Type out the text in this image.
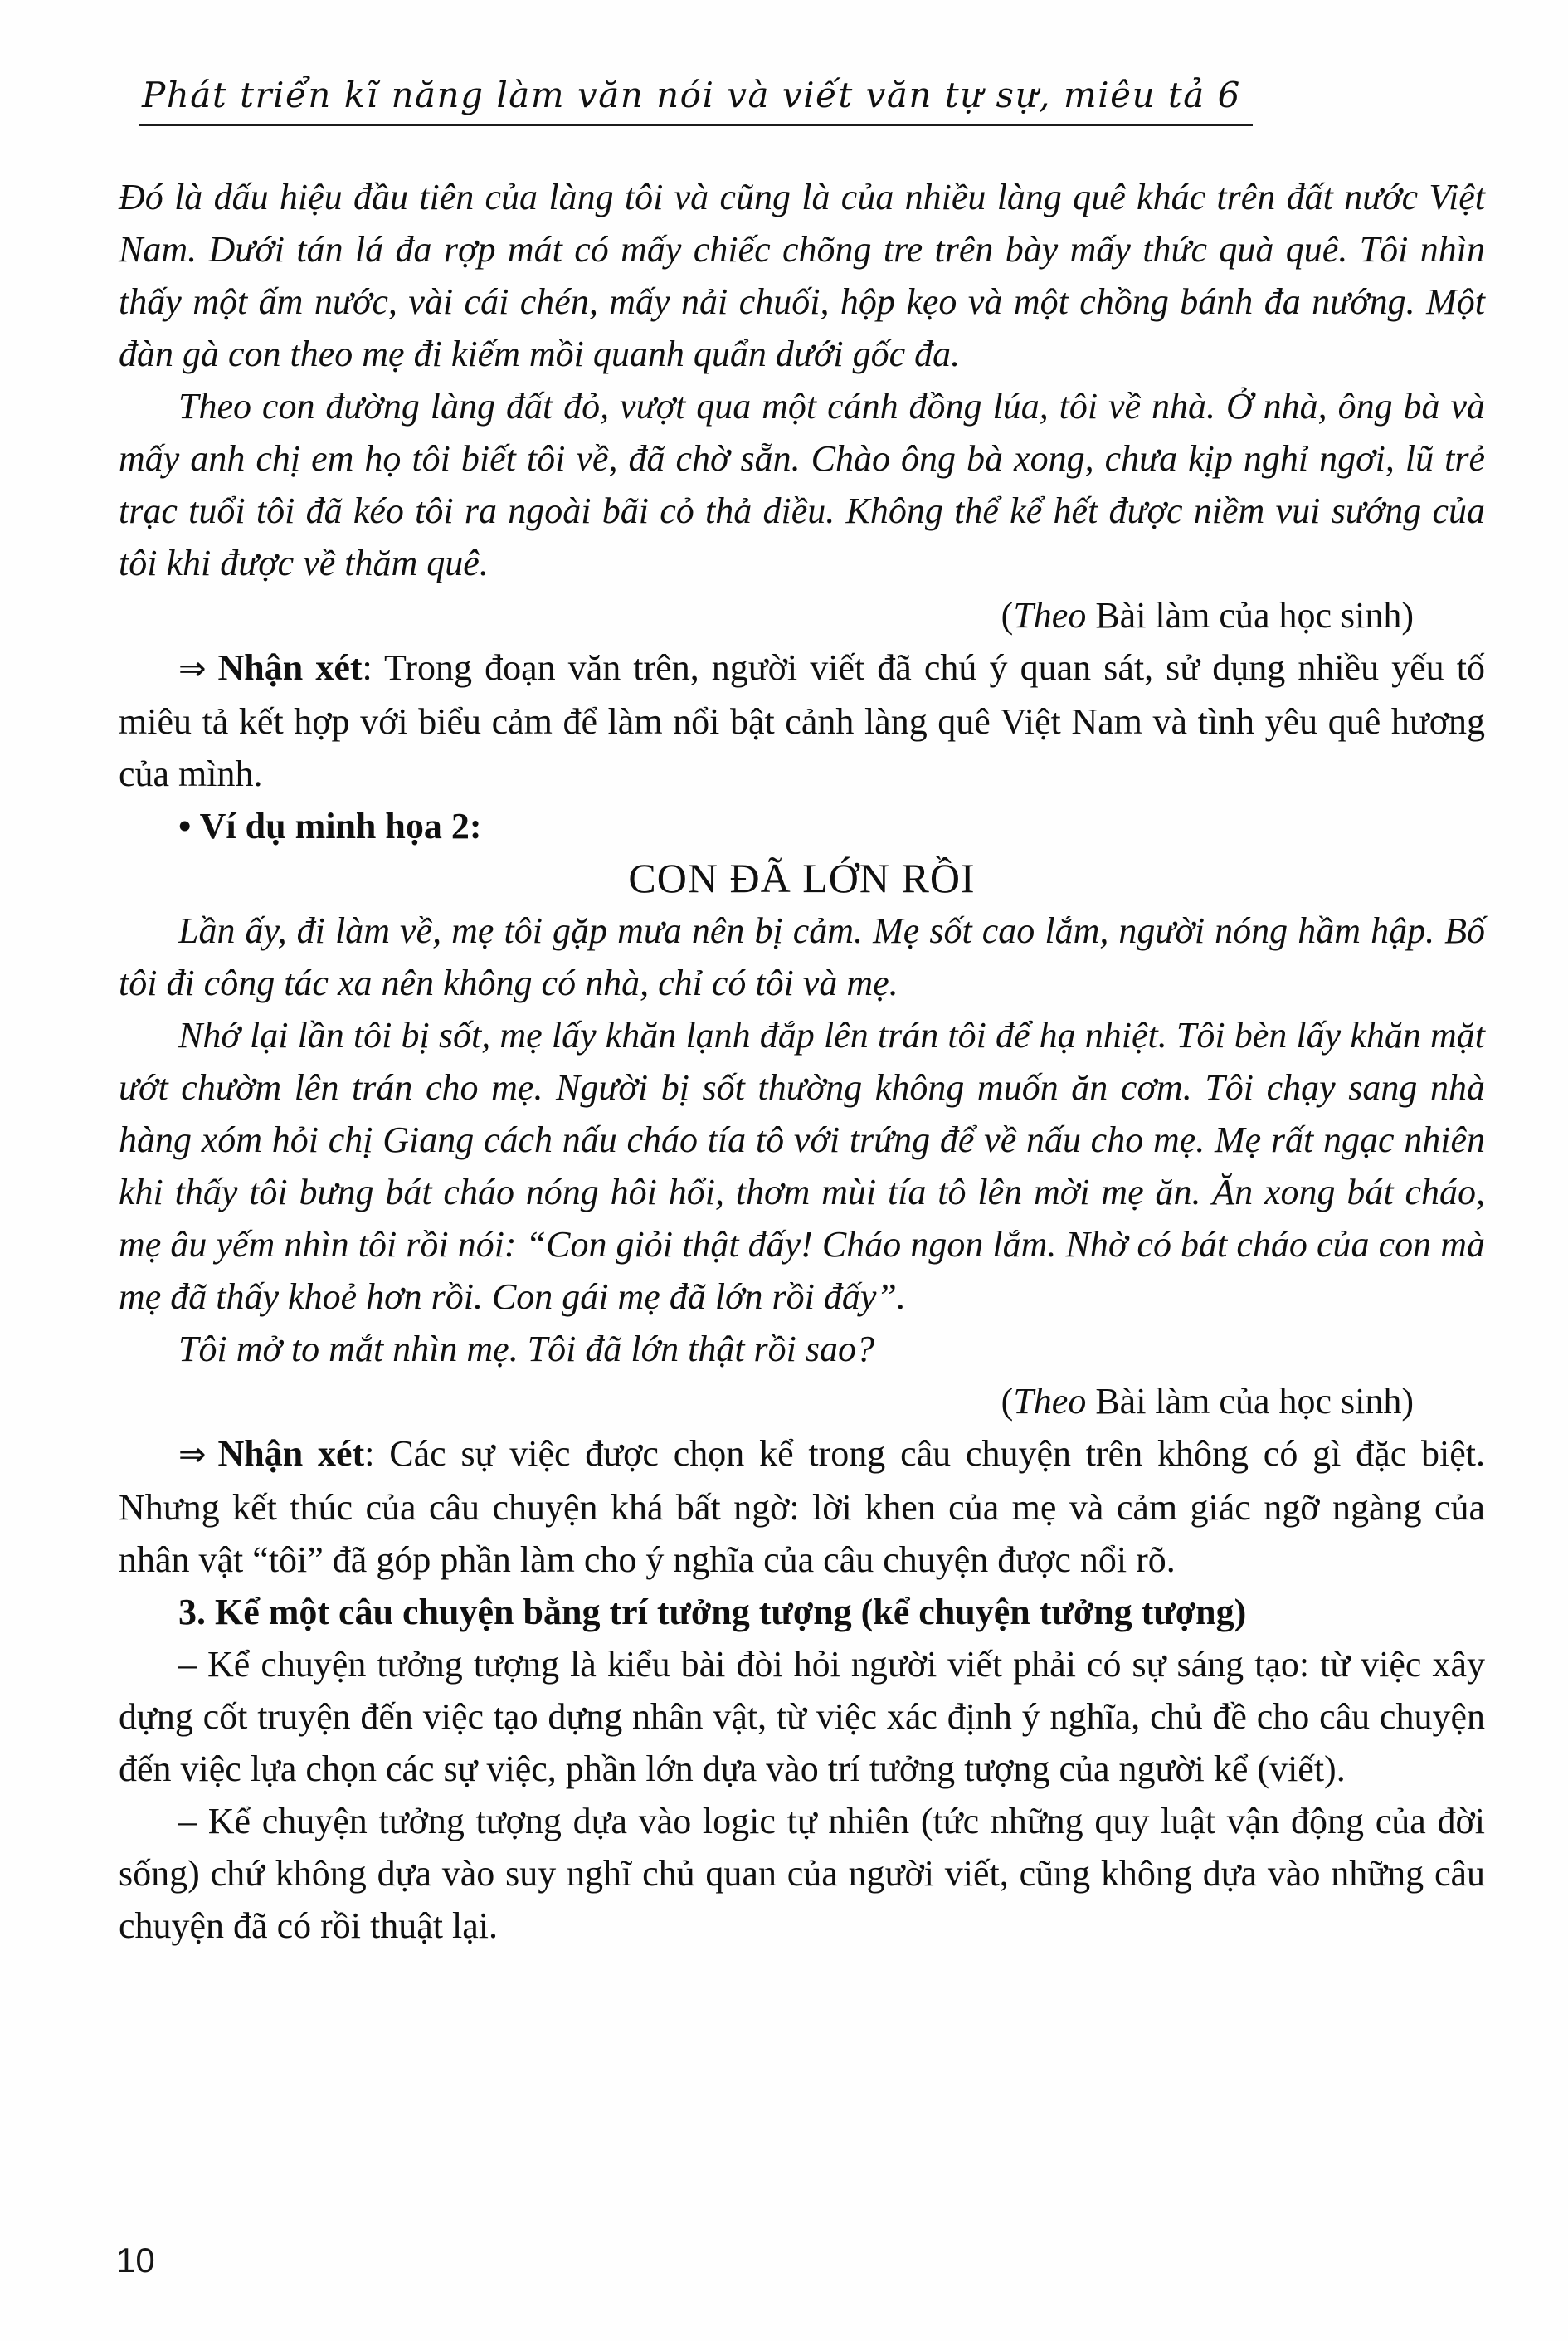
Phát triển kĩ năng làm văn nói và viết văn tự sự, miêu tả 6

Đó là dấu hiệu đầu tiên của làng tôi và cũng là của nhiều làng quê khác trên đất nước Việt Nam. Dưới tán lá đa rợp mát có mấy chiếc chõng tre trên bày mấy thức quà quê. Tôi nhìn thấy một ấm nước, vài cái chén, mấy nải chuối, hộp kẹo và một chồng bánh đa nướng. Một đàn gà con theo mẹ đi kiếm mồi quanh quẩn dưới gốc đa.

Theo con đường làng đất đỏ, vượt qua một cánh đồng lúa, tôi về nhà. Ở nhà, ông bà và mấy anh chị em họ tôi biết tôi về, đã chờ sẵn. Chào ông bà xong, chưa kịp nghỉ ngơi, lũ trẻ trạc tuổi tôi đã kéo tôi ra ngoài bãi cỏ thả diều. Không thể kể hết được niềm vui sướng của tôi khi được về thăm quê.

(Theo Bài làm của học sinh)

⇒ Nhận xét: Trong đoạn văn trên, người viết đã chú ý quan sát, sử dụng nhiều yếu tố miêu tả kết hợp với biểu cảm để làm nổi bật cảnh làng quê Việt Nam và tình yêu quê hương của mình.

• Ví dụ minh họa 2:

CON ĐÃ LỚN RỒI

Lần ấy, đi làm về, mẹ tôi gặp mưa nên bị cảm. Mẹ sốt cao lắm, người nóng hầm hập. Bố tôi đi công tác xa nên không có nhà, chỉ có tôi và mẹ.

Nhớ lại lần tôi bị sốt, mẹ lấy khăn lạnh đắp lên trán tôi để hạ nhiệt. Tôi bèn lấy khăn mặt ướt chườm lên trán cho mẹ. Người bị sốt thường không muốn ăn cơm. Tôi chạy sang nhà hàng xóm hỏi chị Giang cách nấu cháo tía tô với trứng để về nấu cho mẹ. Mẹ rất ngạc nhiên khi thấy tôi bưng bát cháo nóng hôi hổi, thơm mùi tía tô lên mời mẹ ăn. Ăn xong bát cháo, mẹ âu yếm nhìn tôi rồi nói: “Con giỏi thật đấy! Cháo ngon lắm. Nhờ có bát cháo của con mà mẹ đã thấy khoẻ hơn rồi. Con gái mẹ đã lớn rồi đấy”.

Tôi mở to mắt nhìn mẹ. Tôi đã lớn thật rồi sao?

(Theo Bài làm của học sinh)

⇒ Nhận xét: Các sự việc được chọn kể trong câu chuyện trên không có gì đặc biệt. Nhưng kết thúc của câu chuyện khá bất ngờ: lời khen của mẹ và cảm giác ngỡ ngàng của nhân vật “tôi” đã góp phần làm cho ý nghĩa của câu chuyện được nổi rõ.

3. Kể một câu chuyện bằng trí tưởng tượng (kể chuyện tưởng tượng)

– Kể chuyện tưởng tượng là kiểu bài đòi hỏi người viết phải có sự sáng tạo: từ việc xây dựng cốt truyện đến việc tạo dựng nhân vật, từ việc xác định ý nghĩa, chủ đề cho câu chuyện đến việc lựa chọn các sự việc, phần lớn dựa vào trí tưởng tượng của người kể (viết).

– Kể chuyện tưởng tượng dựa vào logic tự nhiên (tức những quy luật vận động của đời sống) chứ không dựa vào suy nghĩ chủ quan của người viết, cũng không dựa vào những câu chuyện đã có rồi thuật lại.

10
